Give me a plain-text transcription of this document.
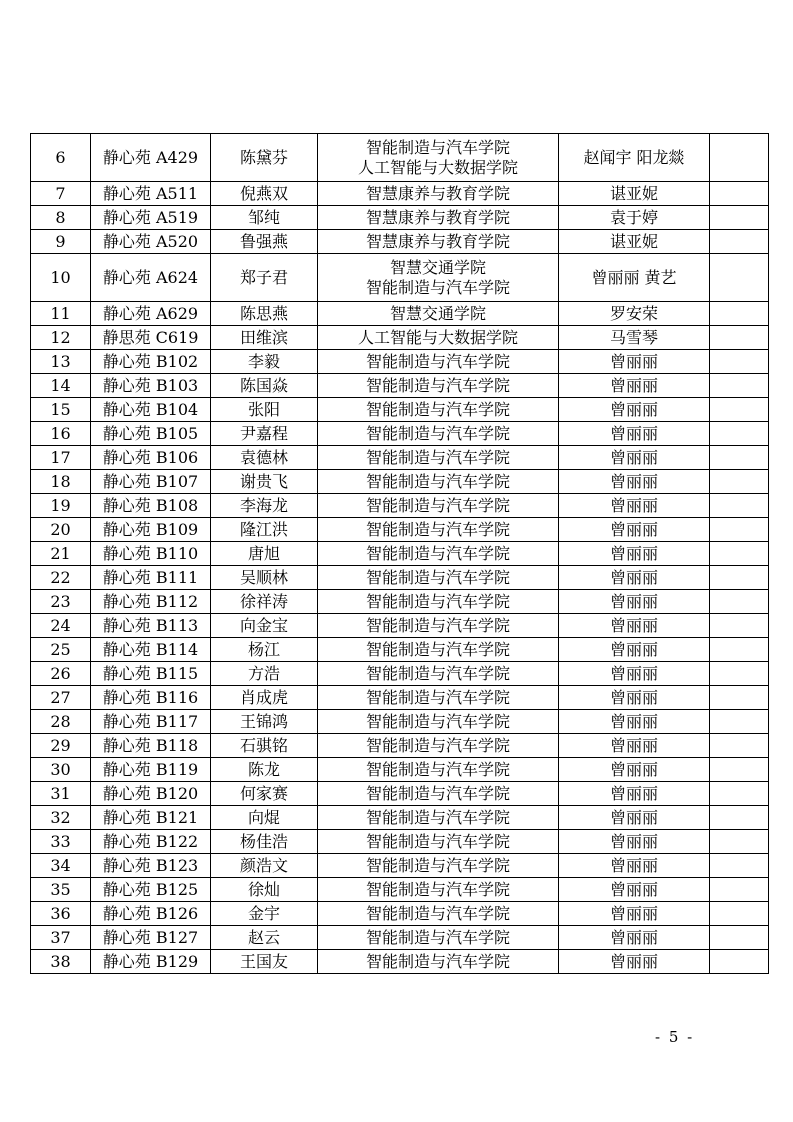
6	静心苑 A429	陈黛芬	智能制造与汽车学院
人工智能与大数据学院	赵闻宇 阳龙燚	
7	静心苑 A511	倪燕双	智慧康养与教育学院	谌亚妮	
8	静心苑 A519	邹纯	智慧康养与教育学院	袁于婷	
9	静心苑 A520	鲁强燕	智慧康养与教育学院	谌亚妮	
10	静心苑 A624	郑子君	智慧交通学院
智能制造与汽车学院	曾丽丽 黄艺	
11	静心苑 A629	陈思燕	智慧交通学院	罗安荣	
12	静思苑 C619	田维滨	人工智能与大数据学院	马雪琴	
13	静心苑 B102	李毅	智能制造与汽车学院	曾丽丽	
14	静心苑 B103	陈国焱	智能制造与汽车学院	曾丽丽	
15	静心苑 B104	张阳	智能制造与汽车学院	曾丽丽	
16	静心苑 B105	尹嘉程	智能制造与汽车学院	曾丽丽	
17	静心苑 B106	袁德林	智能制造与汽车学院	曾丽丽	
18	静心苑 B107	谢贵飞	智能制造与汽车学院	曾丽丽	
19	静心苑 B108	李海龙	智能制造与汽车学院	曾丽丽	
20	静心苑 B109	隆江洪	智能制造与汽车学院	曾丽丽	
21	静心苑 B110	唐旭	智能制造与汽车学院	曾丽丽	
22	静心苑 B111	吴顺林	智能制造与汽车学院	曾丽丽	
23	静心苑 B112	徐祥涛	智能制造与汽车学院	曾丽丽	
24	静心苑 B113	向金宝	智能制造与汽车学院	曾丽丽	
25	静心苑 B114	杨江	智能制造与汽车学院	曾丽丽	
26	静心苑 B115	方浩	智能制造与汽车学院	曾丽丽	
27	静心苑 B116	肖成虎	智能制造与汽车学院	曾丽丽	
28	静心苑 B117	王锦鸿	智能制造与汽车学院	曾丽丽	
29	静心苑 B118	石骐铭	智能制造与汽车学院	曾丽丽	
30	静心苑 B119	陈龙	智能制造与汽车学院	曾丽丽	
31	静心苑 B120	何家赛	智能制造与汽车学院	曾丽丽	
32	静心苑 B121	向焜	智能制造与汽车学院	曾丽丽	
33	静心苑 B122	杨佳浩	智能制造与汽车学院	曾丽丽	
34	静心苑 B123	颜浩文	智能制造与汽车学院	曾丽丽	
35	静心苑 B125	徐灿	智能制造与汽车学院	曾丽丽	
36	静心苑 B126	金宇	智能制造与汽车学院	曾丽丽	
37	静心苑 B127	赵云	智能制造与汽车学院	曾丽丽	
38	静心苑 B129	王国友	智能制造与汽车学院	曾丽丽	
- 5 -
